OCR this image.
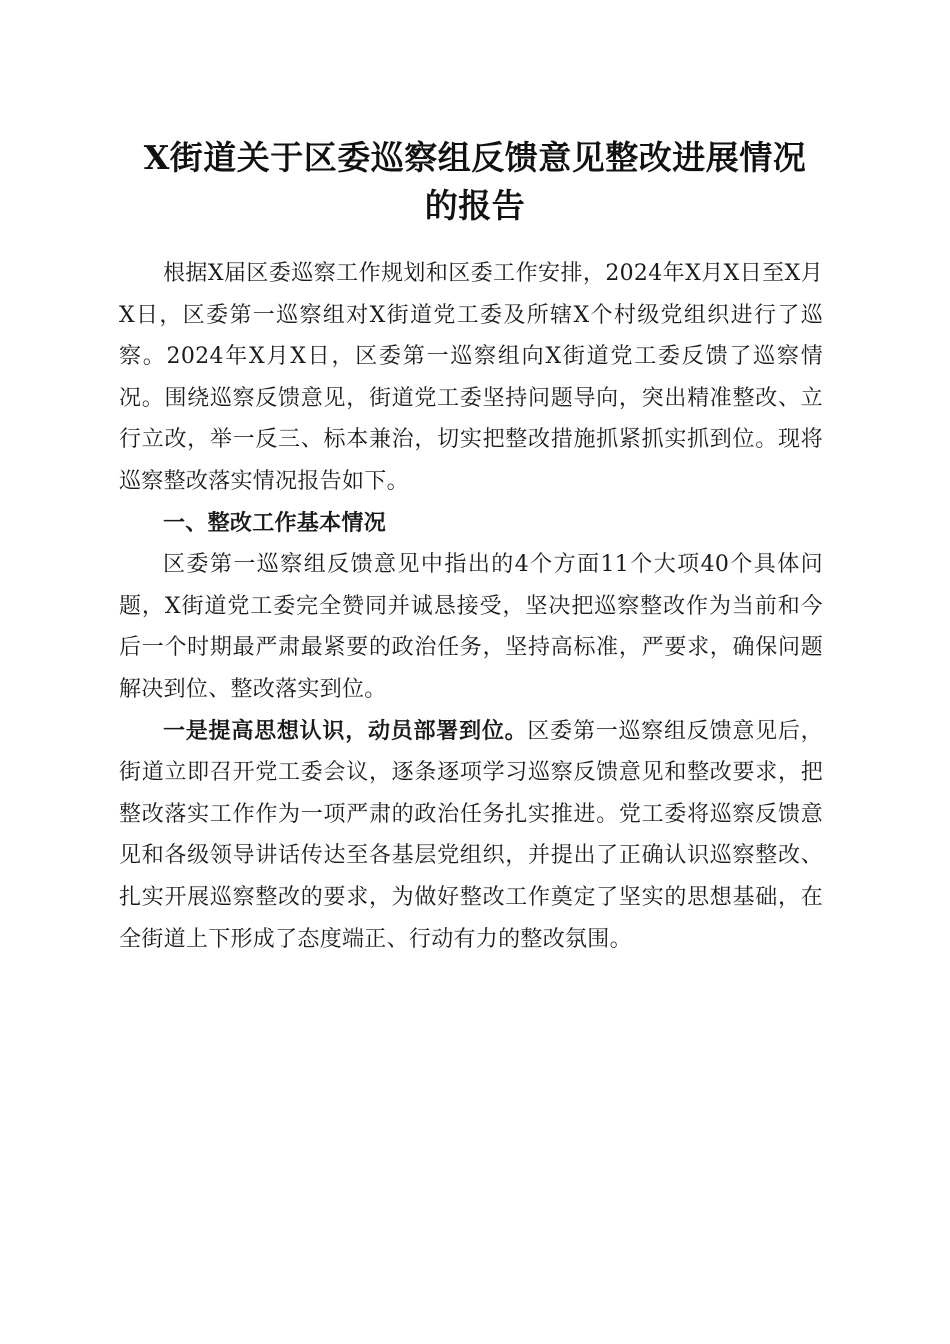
X街道关于区委巡察组反馈意见整改进展情况
的报告

根据X届区委巡察工作规划和区委工作安排，2024年X月X日至X月X日，区委第一巡察组对X街道党工委及所辖X个村级党组织进行了巡察。2024年X月X日，区委第一巡察组向X街道党工委反馈了巡察情况。围绕巡察反馈意见，街道党工委坚持问题导向，突出精准整改、立行立改，举一反三、标本兼治，切实把整改措施抓紧抓实抓到位。现将巡察整改落实情况报告如下。

一、整改工作基本情况

区委第一巡察组反馈意见中指出的4个方面11个大项40个具体问题，X街道党工委完全赞同并诚恳接受，坚决把巡察整改作为当前和今后一个时期最严肃最紧要的政治任务，坚持高标准，严要求，确保问题解决到位、整改落实到位。

一是提高思想认识，动员部署到位。区委第一巡察组反馈意见后，街道立即召开党工委会议，逐条逐项学习巡察反馈意见和整改要求，把整改落实工作作为一项严肃的政治任务扎实推进。党工委将巡察反馈意见和各级领导讲话传达至各基层党组织，并提出了正确认识巡察整改、扎实开展巡察整改的要求，为做好整改工作奠定了坚实的思想基础，在全街道上下形成了态度端正、行动有力的整改氛围。
